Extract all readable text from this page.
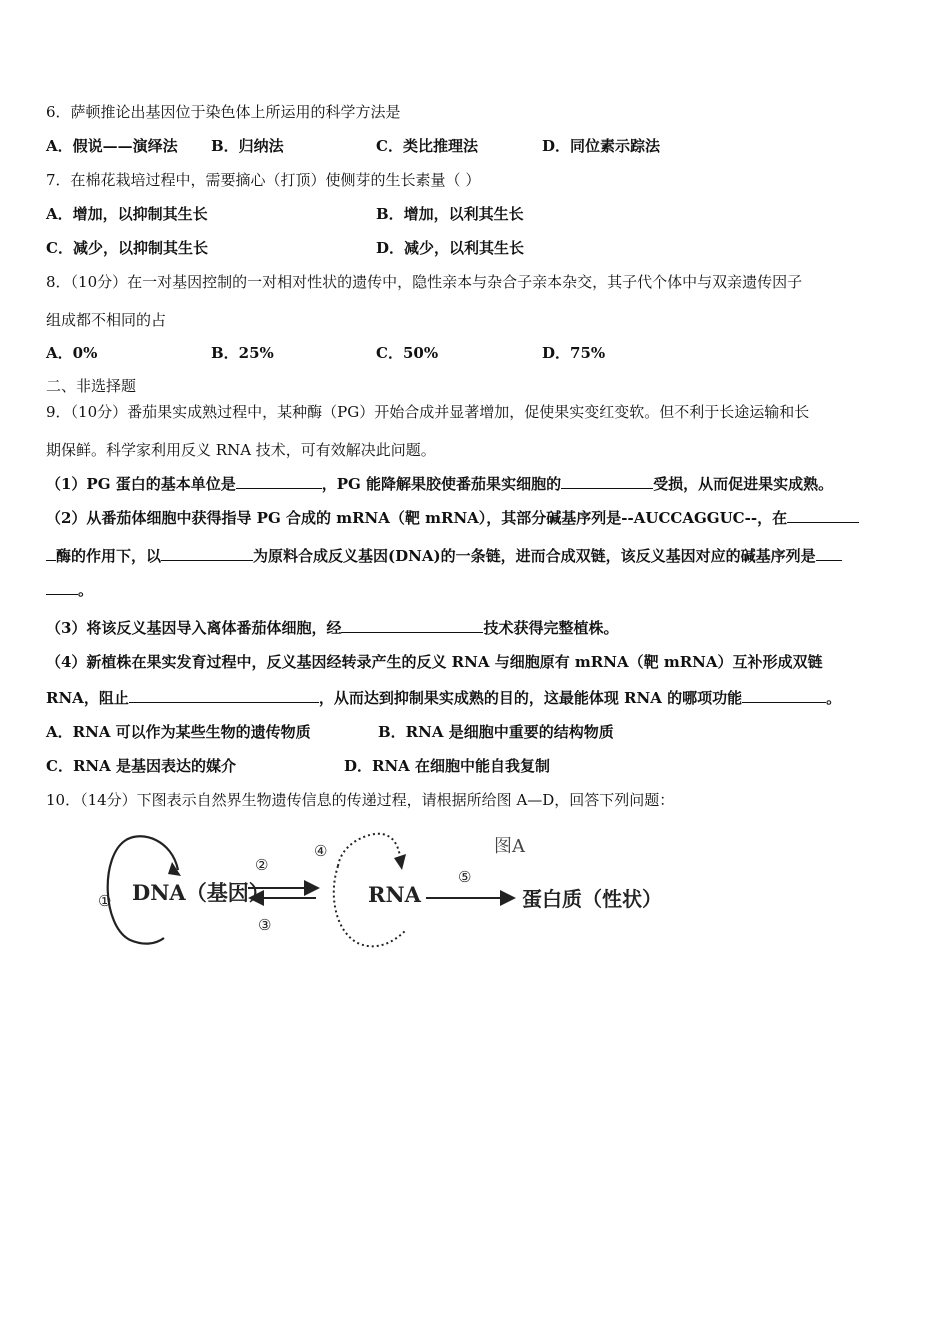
6．萨顿推论出基因位于染色体上所运用的科学方法是
A．假说——演绎法 B．归纳法	C．类比推理法	D．同位素示踪法
7．在棉花栽培过程中，需要摘心（打顶）使侧芽的生长素量（ ）
A．增加，以抑制其生长	B．增加，以利其生长
C．减少，以抑制其生长	D．减少，以利其生长
8．（10分）在一对基因控制的一对相对性状的遗传中，隐性亲本与杂合子亲本杂交，其子代个体中与双亲遗传因子
组成都不相同的占
A．0%	B．25%	C．50%	D．75%
二、非选择题
9．（10分）番茄果实成熟过程中，某种酶（PG）开始合成并显著增加，促使果实变红变软。但不利于长途运输和长
期保鲜。科学家利用反义 RNA 技术，可有效解决此问题。
（1）PG 蛋白的基本单位是	，PG 能降解果胶使番茄果实细胞的	受损，从而促进果实成熟。
（2）从番茄体细胞中获得指导 PG 合成的 mRNA（靶 mRNA），其部分碱基序列是--AUCCAGGUC--，在
酶的作用下，以	为原料合成反义基因(DNA)的一条链，进而合成双链，该反义基因对应的碱基序列是
。
（3）将该反义基因导入离体番茄体细胞，经	技术获得完整植株。
（4）新植株在果实发育过程中，反义基因经转录产生的反义 RNA 与细胞原有 mRNA（靶 mRNA）互补形成双链
RNA，阻止	，从而达到抑制果实成熟的目的，这最能体现 RNA 的哪项功能	。
A．RNA 可以作为某些生物的遗传物质	B．RNA 是细胞中重要的结构物质
C．RNA 是基因表达的媒介	D．RNA 在细胞中能自我复制
10．（14分）下图表示自然界生物遗传信息的传递过程，请根据所给图 A—D，回答下列问题：
① DNA（基因）
②
③
④
RNA
⑤
蛋白质（性状）
图A
